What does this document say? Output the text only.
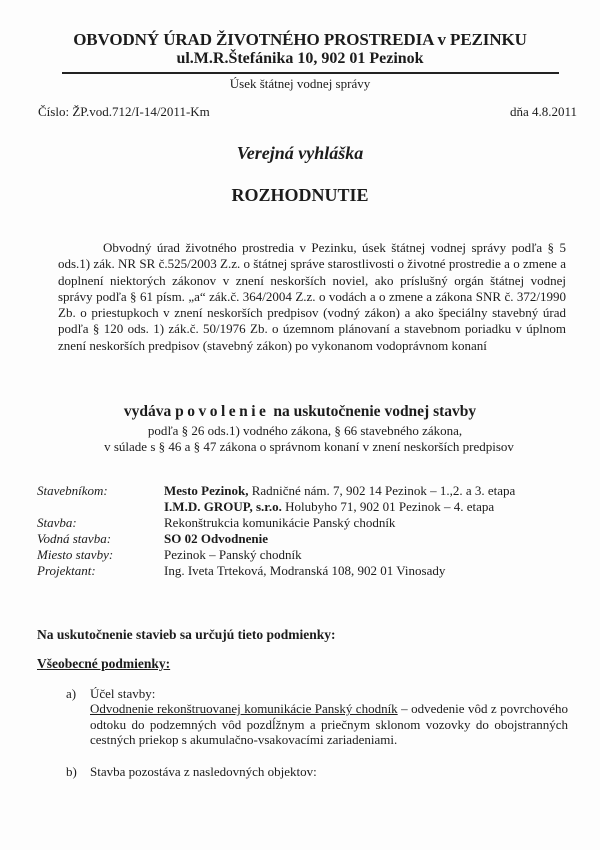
OBVODNÝ ÚRAD ŽIVOTNÉHO PROSTREDIA v PEZINKU
ul.M.R.Štefánika 10, 902 01 Pezinok
Úsek štátnej vodnej správy
Číslo: ŽP.vod.712/I-14/2011-Km	dňa 4.8.2011
Verejná vyhláška
ROZHODNUTIE

Obvodný úrad životného prostredia v Pezinku, úsek štátnej vodnej správy podľa § 5 ods.1) zák. NR SR č.525/2003 Z.z. o štátnej správe starostlivosti o životné prostredie a o zmene a doplnení niektorých zákonov v znení neskorších noviel, ako príslušný orgán štátnej vodnej správy podľa § 61 písm. „a“ zák.č. 364/2004 Z.z. o vodách a o zmene a zákona SNR č. 372/1990 Zb. o priestupkoch v znení neskorších predpisov (vodný zákon) a ako špeciálny stavebný úrad podľa § 120 ods. 1) zák.č. 50/1976 Zb. o územnom plánovaní a stavebnom poriadku v úplnom znení neskorších predpisov (stavebný zákon) po vykonanom vodoprávnom konaní

vydáva povolenie na uskutočnenie vodnej stavby
podľa § 26 ods.1) vodného zákona, § 66 stavebného zákona,
v súlade s § 46 a § 47 zákona o správnom konaní v znení neskorších predpisov
Stavebníkom:	Mesto Pezinok, Radničné nám. 7, 902 14 Pezinok – 1.,2. a 3. etapa
I.M.D. GROUP, s.r.o. Holubyho 71, 902 01 Pezinok – 4. etapa
Stavba:	Rekonštrukcia komunikácie Panský chodník
Vodná stavba:	SO 02 Odvodnenie
Miesto stavby:	Pezinok – Panský chodník
Projektant:	Ing. Iveta Trteková, Modranská 108, 902 01 Vinosady
Na uskutočnenie stavieb sa určujú tieto podmienky:
Všeobecné podmienky:
a) Účel stavby:
Odvodnenie rekonštruovanej komunikácie Panský chodník – odvedenie vôd z povrchového odtoku do podzemných vôd pozdĺžnym a priečnym sklonom vozovky do obojstranných cestných priekop s akumulačno-vsakovacími zariadeniami.
b) Stavba pozostáva z nasledovných objektov:
